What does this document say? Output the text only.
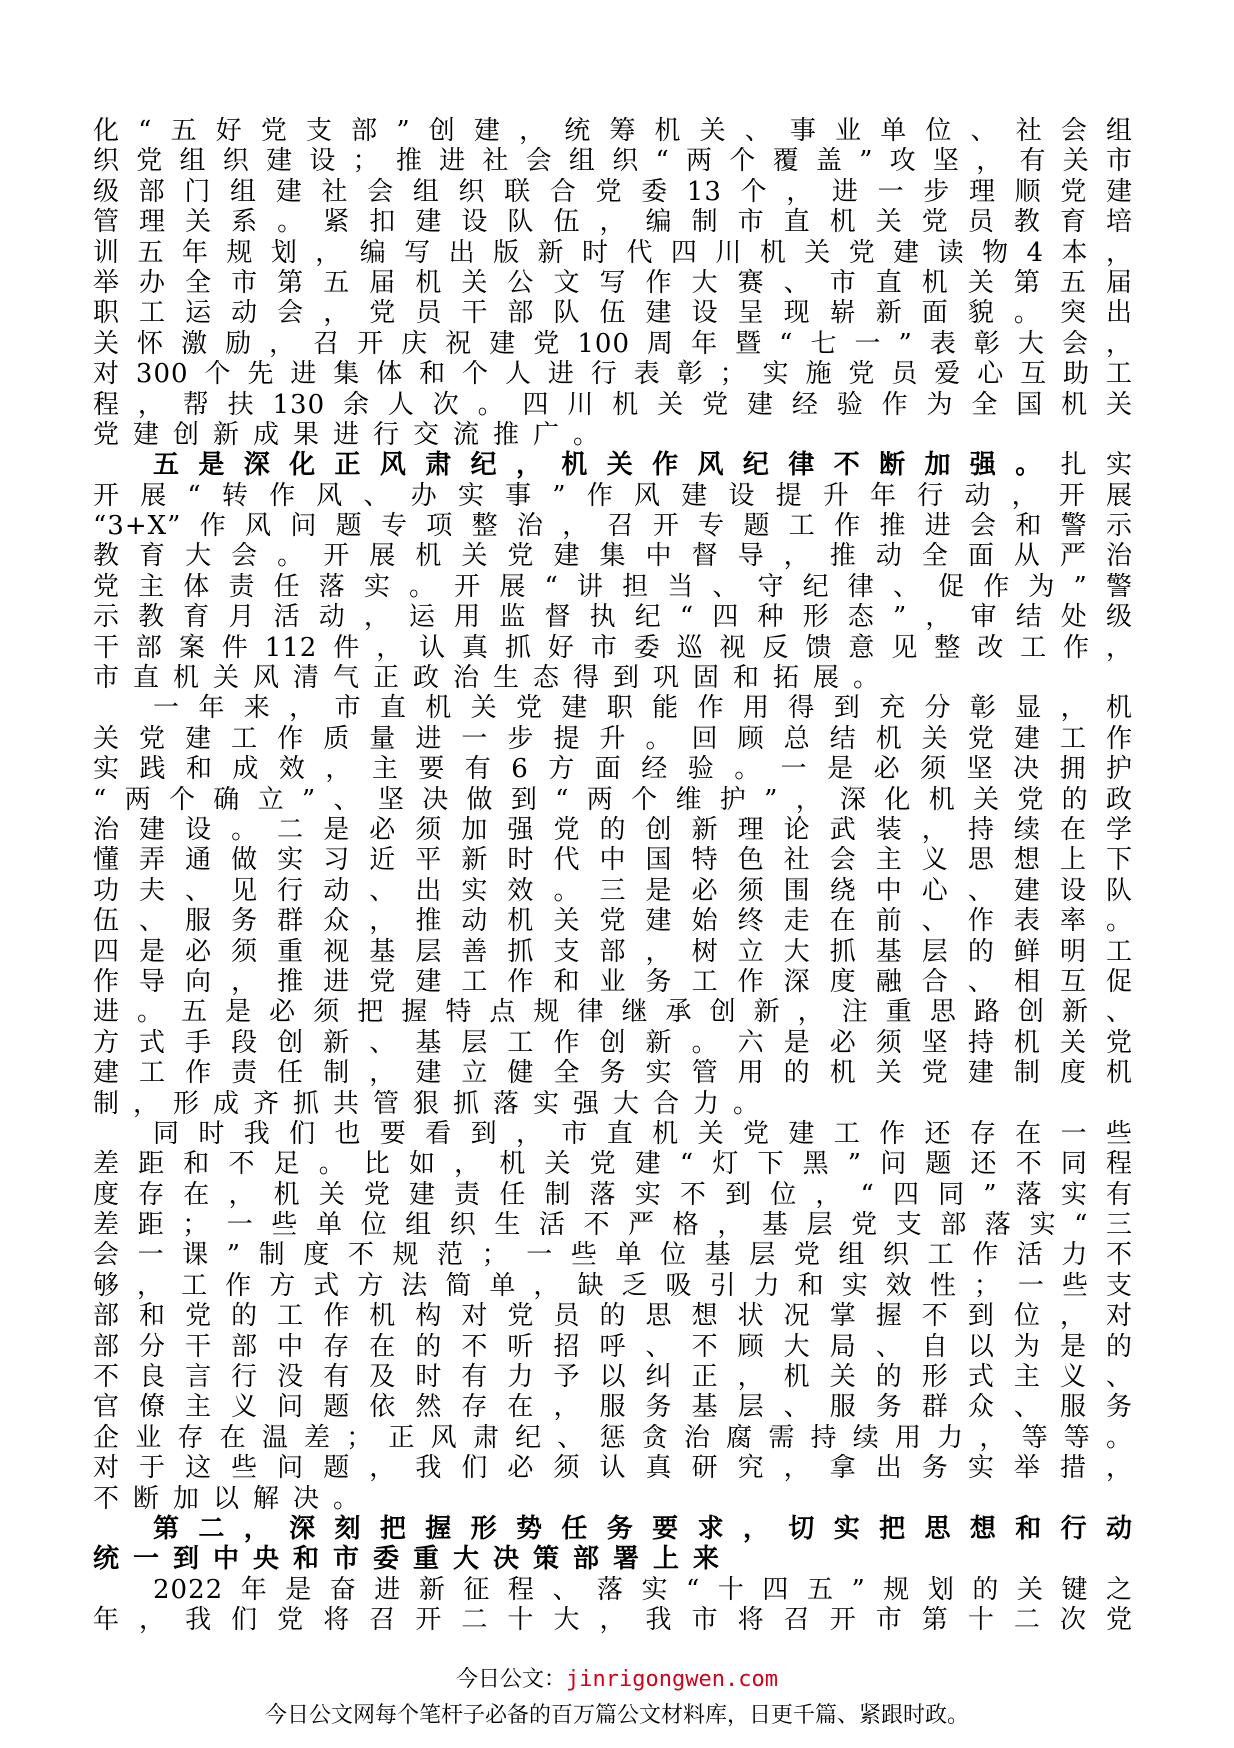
化“五好党支部”创建，统筹机关、事业单位、社会组
织党组织建设；推进社会组织“两个覆盖”攻坚，有关市
级部门组建社会组织联合党委13个，进一步理顺党建
管理关系。紧扣建设队伍，编制市直机关党员教育培
训五年规划，编写出版新时代四川机关党建读物4本，
举办全市第五届机关公文写作大赛、市直机关第五届
职工运动会，党员干部队伍建设呈现崭新面貌。突出
关怀激励，召开庆祝建党100周年暨“七一”表彰大会，
对300个先进集体和个人进行表彰；实施党员爱心互助工
程，帮扶130余人次。四川机关党建经验作为全国机关
党建创新成果进行交流推广。
五是深化正风肃纪，机关作风纪律不断加强。扎实
开展“转作风、办实事”作风建设提升年行动，开展
“3+X”作风问题专项整治，召开专题工作推进会和警示
教育大会。开展机关党建集中督导，推动全面从严治
党主体责任落实。开展“讲担当、守纪律、促作为”警
示教育月活动，运用监督执纪“四种形态”，审结处级
干部案件112件，认真抓好市委巡视反馈意见整改工作，
市直机关风清气正政治生态得到巩固和拓展。
一年来，市直机关党建职能作用得到充分彰显，机
关党建工作质量进一步提升。回顾总结机关党建工作
实践和成效，主要有6方面经验。一是必须坚决拥护
“两个确立”、坚决做到“两个维护”，深化机关党的政
治建设。二是必须加强党的创新理论武装，持续在学
懂弄通做实习近平新时代中国特色社会主义思想上下
功夫、见行动、出实效。三是必须围绕中心、建设队
伍、服务群众，推动机关党建始终走在前、作表率。
四是必须重视基层善抓支部，树立大抓基层的鲜明工
作导向，推进党建工作和业务工作深度融合、相互促
进。五是必须把握特点规律继承创新，注重思路创新、
方式手段创新、基层工作创新。六是必须坚持机关党
建工作责任制，建立健全务实管用的机关党建制度机
制，形成齐抓共管狠抓落实强大合力。
同时我们也要看到，市直机关党建工作还存在一些
差距和不足。比如，机关党建“灯下黑”问题还不同程
度存在，机关党建责任制落实不到位，“四同”落实有
差距；一些单位组织生活不严格，基层党支部落实“三
会一课”制度不规范；一些单位基层党组织工作活力不
够，工作方式方法简单，缺乏吸引力和实效性；一些支
部和党的工作机构对党员的思想状况掌握不到位，对
部分干部中存在的不听招呼、不顾大局、自以为是的
不良言行没有及时有力予以纠正，机关的形式主义、
官僚主义问题依然存在，服务基层、服务群众、服务
企业存在温差；正风肃纪、惩贪治腐需持续用力，等等。
对于这些问题，我们必须认真研究，拿出务实举措，
不断加以解决。
第二，深刻把握形势任务要求，切实把思想和行动
统一到中央和市委重大决策部署上来
2022年是奋进新征程、落实“十四五”规划的关键之
年，我们党将召开二十大，我市将召开市第十二次党
今日公文：jinrigongwen.com
今日公文网每个笔杆子必备的百万篇公文材料库，日更千篇、紧跟时政。
